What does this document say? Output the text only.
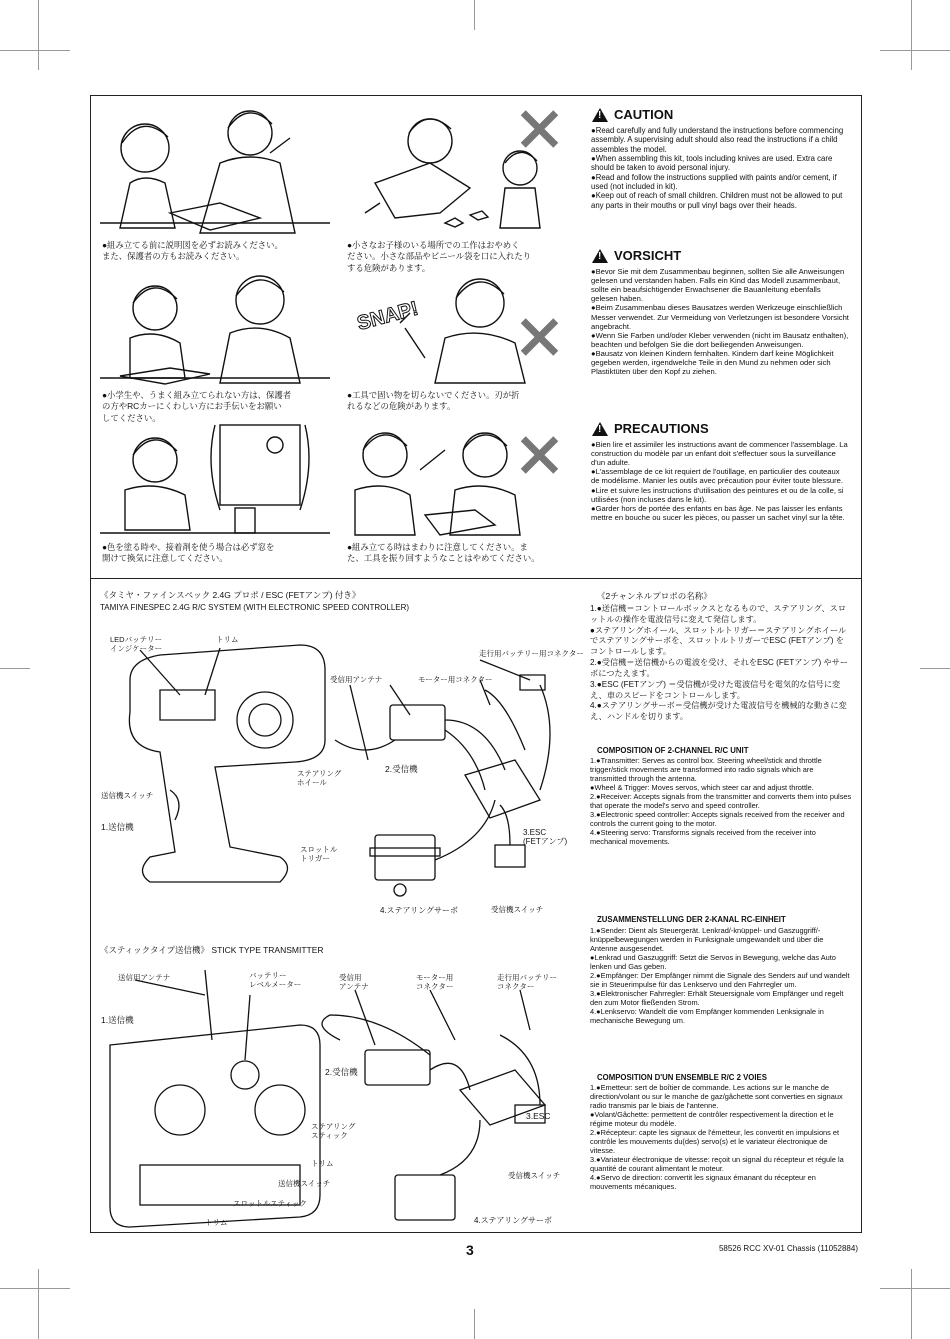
●組み立てる前に説明図を必ずお読みください。
また、保護者の方もお読みください。
●小さなお子様のいる場所での工作はおやめく
ださい。小さな部品やビニール袋を口に入れたり
する危険があります。
●小学生や、うまく組み立てられない方は、保護者
の方やRCカーにくわしい方にお手伝いをお願い
してください。
SNAP!
●工具で固い物を切らないでください。刃が折
れるなどの危険があります。
●色を塗る時や、接着剤を使う場合は必ず窓を
開けて換気に注意してください。
●組み立てる時はまわりに注意してください。ま
た、工具を振り回すようなことはやめてください。
!
CAUTION
●Read carefully and fully understand the instructions before commencing assembly. A supervising adult should also read the instructions if a child assembles the model.
●When assembling this kit, tools including knives are used. Extra care should be taken to avoid personal injury.
●Read and follow the instructions supplied with paints and/or cement, if used (not included in kit).
●Keep out of reach of small children. Children must not be allowed to put any parts in their mouths or pull vinyl bags over their heads.
!
VORSICHT
●Bevor Sie mit dem Zusammenbau beginnen, sollten Sie alle Anweisungen gelesen und verstanden haben. Falls ein Kind das Modell zusammenbaut, sollte ein beaufsichtigender Erwachsener die Bauanleitung ebenfalls gelesen haben.
●Beim Zusammenbau dieses Bausatzes werden Werkzeuge einschließlich Messer verwendet. Zur Vermeidung von Verletzungen ist besondere Vorsicht angebracht.
●Wenn Sie Farben und/oder Kleber verwenden (nicht im Bausatz enthalten), beachten und befolgen Sie die dort beiliegenden Anweisungen.
●Bausatz von kleinen Kindern fernhalten. Kindern darf keine Möglichkeit gegeben werden, irgendwelche Teile in den Mund zu nehmen oder sich Plastiktüten über den Kopf zu ziehen.
!
PRECAUTIONS
●Bien lire et assimiler les instructions avant de commencer l'assemblage. La construction du modèle par un enfant doit s'effectuer sous la surveillance d'un adulte.
●L'assemblage de ce kit requiert de l'outillage, en particulier des couteaux de modélisme. Manier les outils avec précaution pour éviter toute blessure.
●Lire et suivre les instructions d'utilisation des peintures et ou de la colle, si utilisées (non incluses dans le kit).
●Garder hors de portée des enfants en bas âge. Ne pas laisser les enfants mettre en bouche ou sucer les pièces, ou passer un sachet vinyl sur la tête.
《タミヤ・ファインスペック 2.4G プロポ / ESC (FETアンプ) 付き》
TAMIYA FINESPEC 2.4G R/C SYSTEM (WITH ELECTRONIC SPEED CONTROLLER)
LEDバッテリー
インジケーター
トリム
走行用バッテリー用コネクター
受信用アンテナ	モーター用コネクター
ステアリング
ホイール
2.受信機
送信機スイッチ
1.送信機
スロットル
トリガー
3.ESC
(FETアンプ)
4.ステアリングサーボ	受信機スイッチ
《スティックタイプ送信機》 STICK TYPE TRANSMITTER
送信用アンテナ	バッテリー
レベルメーター
受信用
アンテナ
モーター用
コネクター
走行用バッテリー
コネクター
1.送信機
2.受信機
ステアリング
スティック
トリム
3.ESC
送信機スイッチ
受信機スイッチ
スロットルスティック
トリム	4.ステアリングサーボ
《2チャンネルプロポの名称》
1.●送信機＝コントロールボックスとなるもので、ステアリング、スロットルの操作を電波信号に変えて発信します。
●ステアリングホイール、スロットルトリガー＝ステアリングホイールでステアリングサーボを、スロットルトリガーでESC (FETアンプ) をコントロールします。
2.●受信機＝送信機からの電波を受け、それをESC (FETアンプ) やサーボにつたえます。
3.●ESC (FETアンプ) ＝受信機が受けた電波信号を電気的な信号に変え、車のスピードをコントロールします。
4.●ステアリングサーボ＝受信機が受けた電波信号を機械的な動きに変え、ハンドルを切ります。
COMPOSITION OF 2-CHANNEL R/C UNIT
1.●Transmitter: Serves as control box. Steering wheel/stick and throttle trigger/stick movements are transformed into radio signals which are transmitted through the antenna.
●Wheel & Trigger: Moves servos, which steer car and adjust throttle.
2.●Receiver: Accepts signals from the transmitter and converts them into pulses that operate the model's servo and speed controller.
3.●Electronic speed controller: Accepts signals received from the receiver and controls the current going to the motor.
4.●Steering servo: Transforms signals received from the receiver into mechanical movements.
ZUSAMMENSTELLUNG DER 2-KANAL RC-EINHEIT
1.●Sender: Dient als Steuergerät. Lenkrad/-knüppel- und Gaszuggriff/- knüppelbewegungen werden in Funksignale umgewandelt und über die Antenne ausgesendet.
●Lenkrad und Gaszuggriff: Setzt die Servos in Bewegung, welche das Auto lenken und Gas geben.
2.●Empfänger: Der Empfänger nimmt die Signale des Senders auf und wandelt sie in Steuerimpulse für das Lenkservo und den Fahrregler um.
3.●Elektronischer Fahrregler: Erhält Steuersignale vom Empfänger und regelt den zum Motor fließenden Strom.
4.●Lenkservo: Wandelt die vom Empfänger kommenden Lenksignale in mechanische Bewegung um.
COMPOSITION D'UN ENSEMBLE R/C 2 VOIES
1.●Emetteur: sert de boîtier de commande. Les actions sur le manche de direction/volant ou sur le manche de gaz/gâchette sont converties en signaux radio transmis par le biais de l'antenne.
●Volant/Gâchette: permettent de contrôler respectivement la direction et le régime moteur du modèle.
2.●Récepteur: capte les signaux de l'émetteur, les convertit en impulsions et contrôle les mouvements du(des) servo(s) et le variateur électronique de vitesse.
3.●Variateur électronique de vitesse: reçoit un signal du récepteur et régule la quantité de courant alimentant le moteur.
4.●Servo de direction: convertit les signaux émanant du récepteur en mouvements mécaniques.
3	58526 RCC XV-01 Chassis (11052884)
